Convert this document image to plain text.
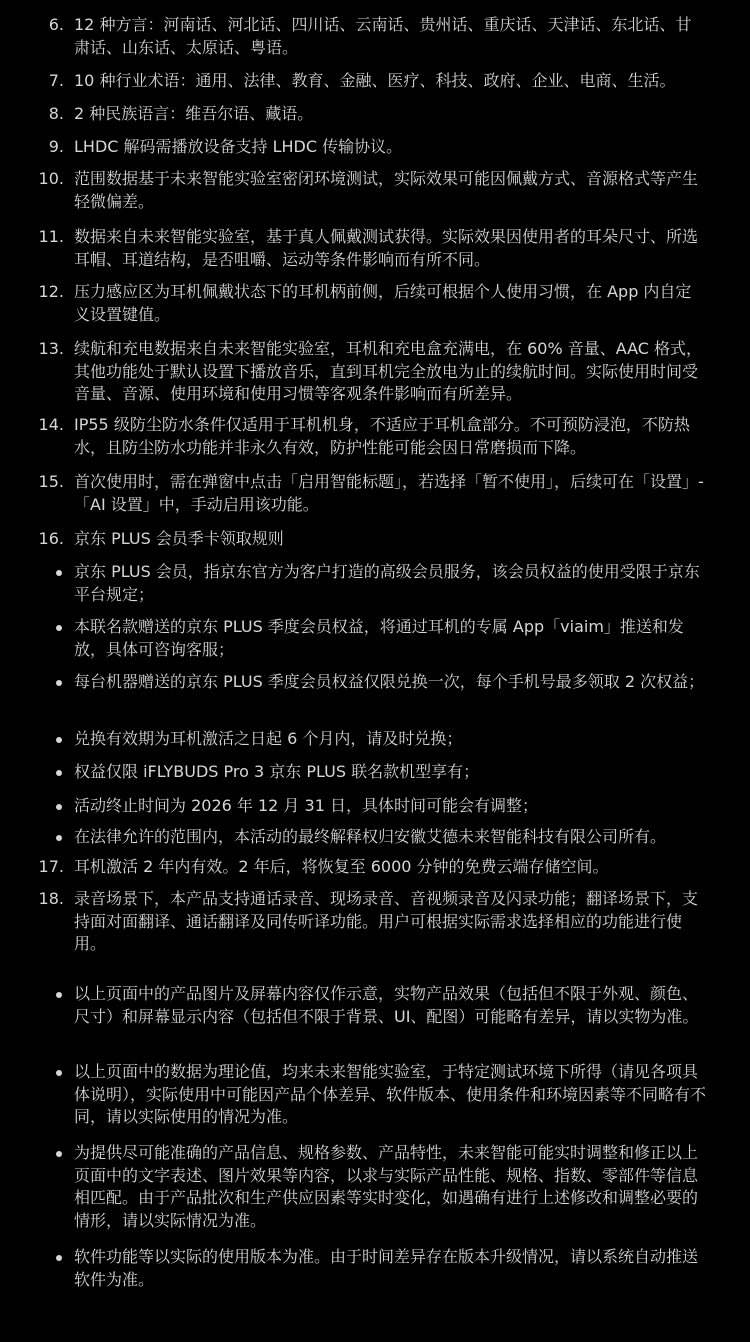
6. 12 种方言：河南话、河北话、四川话、云南话、贵州话、重庆话、天津话、东北话、甘肃话、山东话、太原话、粤语。
7. 10 种行业术语：通用、法律、教育、金融、医疗、科技、政府、企业、电商、生活。
8. 2 种民族语言：维吾尔语、藏语。
9. LHDC 解码需播放设备支持 LHDC 传输协议。
10. 范围数据基于未来智能实验室密闭环境测试，实际效果可能因佩戴方式、音源格式等产生轻微偏差。
11. 数据来自未来智能实验室，基于真人佩戴测试获得。实际效果因使用者的耳朵尺寸、所选耳帽、耳道结构，是否咀嚼、运动等条件影响而有所不同。
12. 压力感应区为耳机佩戴状态下的耳机柄前侧，后续可根据个人使用习惯，在 App 内自定义设置键值。
13. 续航和充电数据来自未来智能实验室，耳机和充电盒充满电，在 60% 音量、AAC 格式，其他功能处于默认设置下播放音乐，直到耳机完全放电为止的续航时间。实际使用时间受音量、音源、使用环境和使用习惯等客观条件影响而有所差异。
14. IP55 级防尘防水条件仅适用于耳机机身，不适应于耳机盒部分。不可预防浸泡，不防热水，且防尘防水功能并非永久有效，防护性能可能会因日常磨损而下降。
15. 首次使用时，需在弹窗中点击「启用智能标题」，若选择「暂不使用」，后续可在「设置」-「AI 设置」中，手动启用该功能。
16. 京东 PLUS 会员季卡领取规则
京东 PLUS 会员，指京东官方为客户打造的高级会员服务，该会员权益的使用受限于京东平台规定；
本联名款赠送的京东 PLUS 季度会员权益，将通过耳机的专属 App「viaim」推送和发放，具体可咨询客服；
每台机器赠送的京东 PLUS 季度会员权益仅限兑换一次，每个手机号最多领取 2 次权益；
兑换有效期为耳机激活之日起 6 个月内，请及时兑换；
权益仅限 iFLYBUDS Pro 3 京东 PLUS 联名款机型享有；
活动终止时间为 2026 年 12 月 31 日，具体时间可能会有调整；
在法律允许的范围内，本活动的最终解释权归安徽艾德未来智能科技有限公司所有。
17. 耳机激活 2 年内有效。2 年后，将恢复至 6000 分钟的免费云端存储空间。
18. 录音场景下，本产品支持通话录音、现场录音、音视频录音及闪录功能；翻译场景下，支持面对面翻译、通话翻译及同传听译功能。用户可根据实际需求选择相应的功能进行使用。
以上页面中的产品图片及屏幕内容仅作示意，实物产品效果（包括但不限于外观、颜色、尺寸）和屏幕显示内容（包括但不限于背景、UI、配图）可能略有差异，请以实物为准。
以上页面中的数据为理论值，均来未来智能实验室，于特定测试环境下所得（请见各项具体说明），实际使用中可能因产品个体差异、软件版本、使用条件和环境因素等不同略有不同，请以实际使用的情况为准。
为提供尽可能准确的产品信息、规格参数、产品特性，未来智能可能实时调整和修正以上页面中的文字表述、图片效果等内容，以求与实际产品性能、规格、指数、零部件等信息相匹配。由于产品批次和生产供应因素等实时变化，如遇确有进行上述修改和调整必要的情形，请以实际情况为准。
软件功能等以实际的使用版本为准。由于时间差异存在版本升级情况，请以系统自动推送软件为准。
